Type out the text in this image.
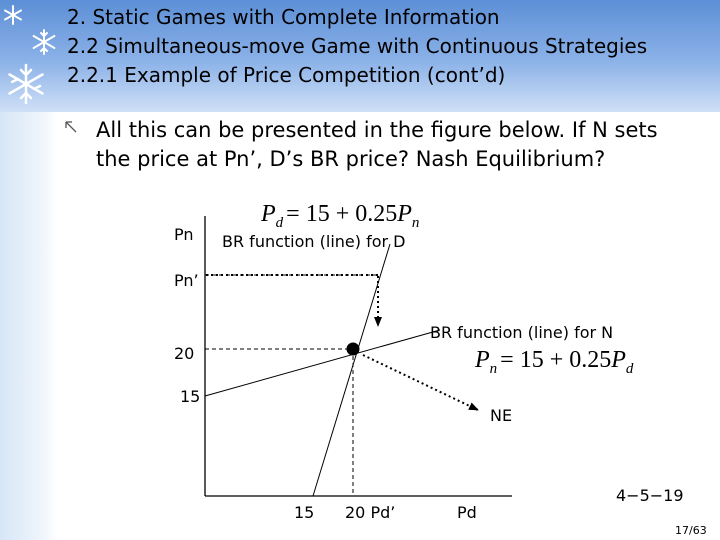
2. Static Games with Complete Information
2.2 Simultaneous-move Game with Continuous Strategies
2.2.1 Example of Price Competition (cont’d)
All this can be presented in the figure below. If N sets the price at Pn’, D’s BR price? Nash Equilibrium?
Pn
Pn’
20
15
15 20 Pd’	Pd
BR function (line) for D
BR function (line) for N
NE
$P_d = 15 + 0.25P_n$
$P_n = 15 + 0.25P_d$
4−5−19
17/63
